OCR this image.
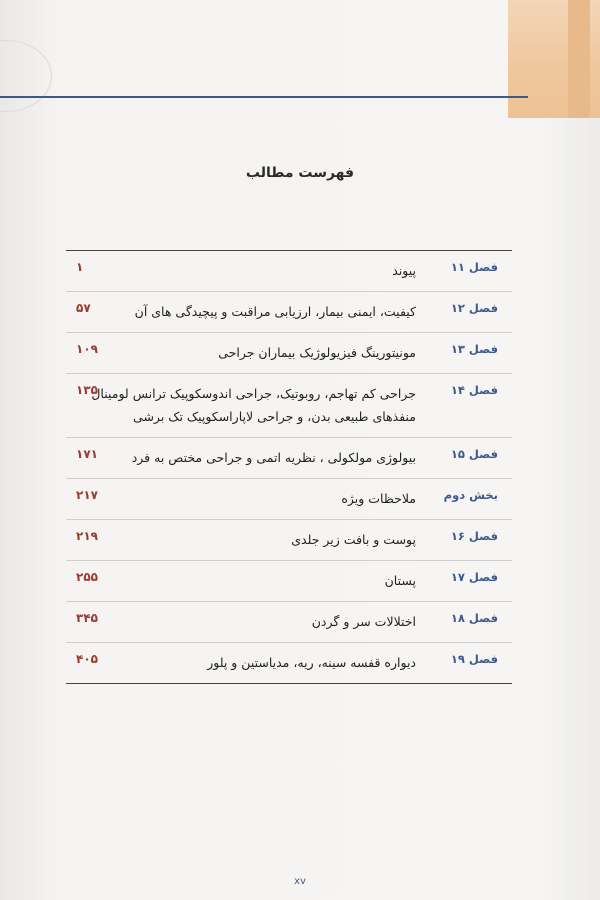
فهرست مطالب
فصل ۱۱
پیوند
۱
فصل ۱۲
کیفیت، ایمنی بیمار، ارزیابی مراقبت و پیچیدگی های آن
۵۷
فصل ۱۳
مونیتورینگ فیزیولوژیک بیماران جراحی
۱۰۹
فصل ۱۴
جراحی کم تهاجم، روبوتیک، جراحی اندوسکوپیک ترانس لومینال
منفذهای طبیعی بدن، و جراحی لاپاراسکوپیک تک برشی
۱۳۵
فصل ۱۵
بیولوژی مولکولی ، نظریه اتمی و جراحی مختص به فرد
۱۷۱
بخش دوم
ملاحظات ویژه
۲۱۷
فصل ۱۶
پوست و بافت زیر جلدی
۲۱۹
فصل ۱۷
پستان
۲۵۵
فصل ۱۸
اختلالات سر و گردن
۳۴۵
فصل ۱۹
دیواره قفسه سینه، ریه، مدیاستین و پلور
۴۰۵
xv
